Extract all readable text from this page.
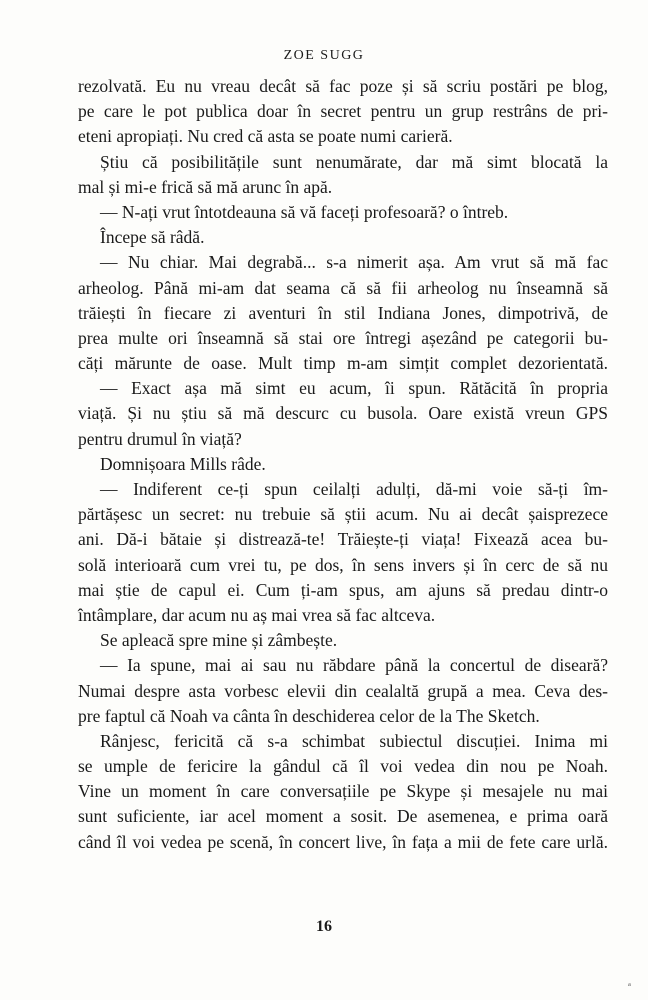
ZOE SUGG
rezolvată. Eu nu vreau decât să fac poze și să scriu postări pe blog,
pe care le pot publica doar în secret pentru un grup restrâns de pri-
eteni apropiați. Nu cred că asta se poate numi carieră.
Știu că posibilitățile sunt nenumărate, dar mă simt blocată la
mal și mi-e frică să mă arunc în apă.
— N-ați vrut întotdeauna să vă faceți profesoară? o întreb.
Începe să râdă.
— Nu chiar. Mai degrabă... s-a nimerit așa. Am vrut să mă fac
arheolog. Până mi-am dat seama că să fii arheolog nu înseamnă să
trăiești în fiecare zi aventuri în stil Indiana Jones, dimpotrivă, de
prea multe ori înseamnă să stai ore întregi așezând pe categorii bu-
căți mărunte de oase. Mult timp m-am simțit complet dezorientată.
— Exact așa mă simt eu acum, îi spun. Rătăcită în propria
viață. Și nu știu să mă descurc cu busola. Oare există vreun GPS
pentru drumul în viață?
Domnișoara Mills râde.
— Indiferent ce-ți spun ceilalți adulți, dă-mi voie să-ți îm-
părtășesc un secret: nu trebuie să știi acum. Nu ai decât șaisprezece
ani. Dă-i bătaie și distrează-te! Trăiește-ți viața! Fixează acea bu-
solă interioară cum vrei tu, pe dos, în sens invers și în cerc de să nu
mai știe de capul ei. Cum ți-am spus, am ajuns să predau dintr-o
întâmplare, dar acum nu aș mai vrea să fac altceva.
Se apleacă spre mine și zâmbește.
— Ia spune, mai ai sau nu răbdare până la concertul de diseară?
Numai despre asta vorbesc elevii din cealaltă grupă a mea. Ceva des-
pre faptul că Noah va cânta în deschiderea celor de la The Sketch.
Rânjesc, fericită că s-a schimbat subiectul discuției. Inima mi
se umple de fericire la gândul că îl voi vedea din nou pe Noah.
Vine un moment în care conversațiile pe Skype și mesajele nu mai
sunt suficiente, iar acel moment a sosit. De asemenea, e prima oară
când îl voi vedea pe scenă, în concert live, în fața a mii de fete care urlă.
16
ᵃ
